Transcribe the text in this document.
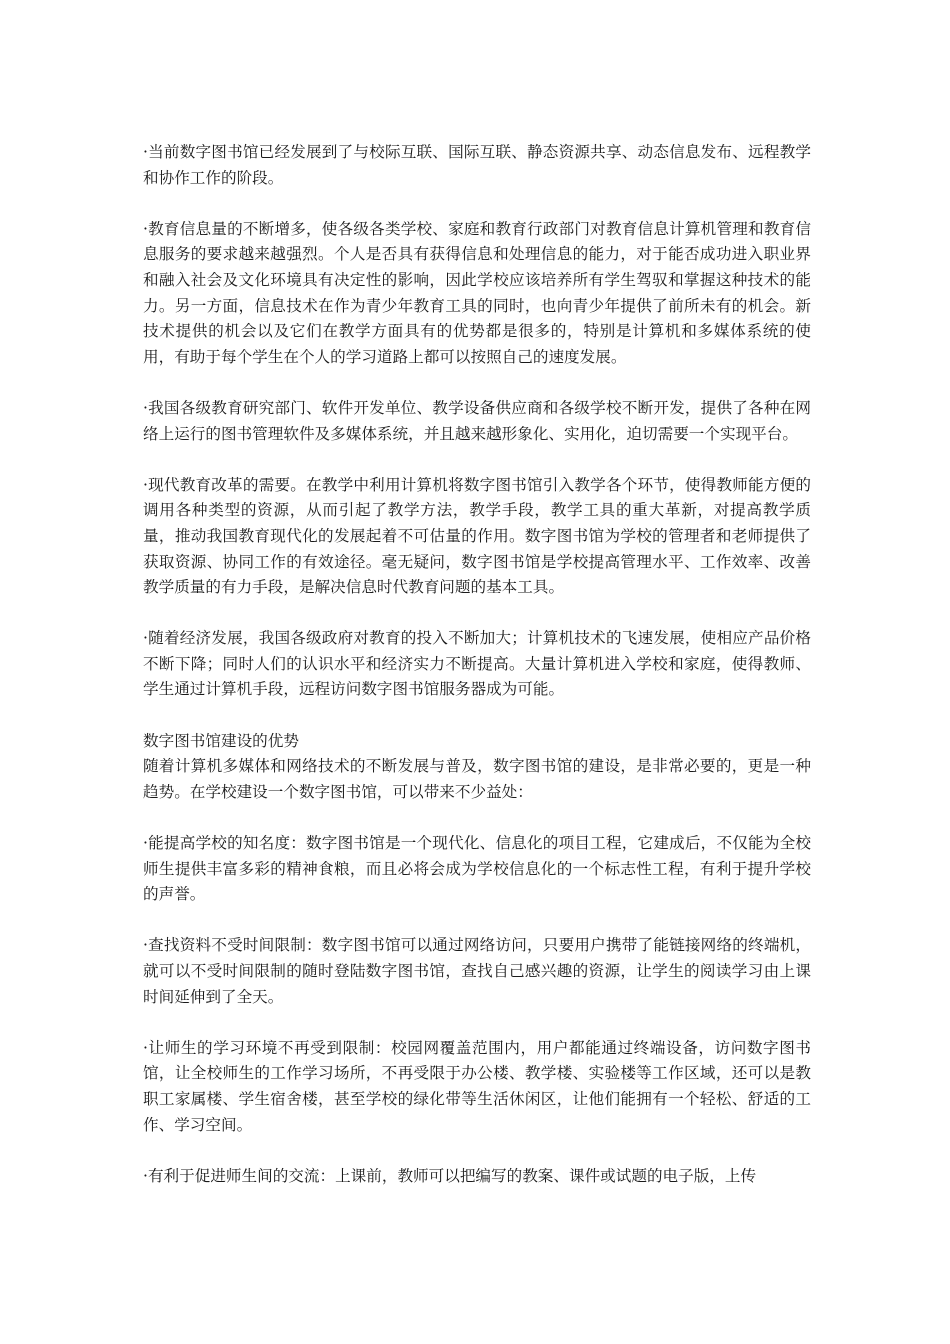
·当前数字图书馆已经发展到了与校际互联、国际互联、静态资源共享、动态信息发布、远程教学和协作工作的阶段。

·教育信息量的不断增多，使各级各类学校、家庭和教育行政部门对教育信息计算机管理和教育信息服务的要求越来越强烈。个人是否具有获得信息和处理信息的能力，对于能否成功进入职业界和融入社会及文化环境具有决定性的影响，因此学校应该培养所有学生驾驭和掌握这种技术的能力。另一方面，信息技术在作为青少年教育工具的同时，也向青少年提供了前所未有的机会。新技术提供的机会以及它们在教学方面具有的优势都是很多的，特别是计算机和多媒体系统的使用，有助于每个学生在个人的学习道路上都可以按照自己的速度发展。

·我国各级教育研究部门、软件开发单位、教学设备供应商和各级学校不断开发，提供了各种在网络上运行的图书管理软件及多媒体系统，并且越来越形象化、实用化，迫切需要一个实现平台。

·现代教育改革的需要。在教学中利用计算机将数字图书馆引入教学各个环节，使得教师能方便的调用各种类型的资源，从而引起了教学方法，教学手段，教学工具的重大革新，对提高教学质量，推动我国教育现代化的发展起着不可估量的作用。数字图书馆为学校的管理者和老师提供了获取资源、协同工作的有效途径。毫无疑问，数字图书馆是学校提高管理水平、工作效率、改善教学质量的有力手段，是解决信息时代教育问题的基本工具。

·随着经济发展，我国各级政府对教育的投入不断加大；计算机技术的飞速发展，使相应产品价格不断下降；同时人们的认识水平和经济实力不断提高。大量计算机进入学校和家庭，使得教师、学生通过计算机手段，远程访问数字图书馆服务器成为可能。

数字图书馆建设的优势

随着计算机多媒体和网络技术的不断发展与普及，数字图书馆的建设，是非常必要的，更是一种趋势。在学校建设一个数字图书馆，可以带来不少益处：

·能提高学校的知名度：数字图书馆是一个现代化、信息化的项目工程，它建成后，不仅能为全校师生提供丰富多彩的精神食粮，而且必将会成为学校信息化的一个标志性工程，有利于提升学校的声誉。

·查找资料不受时间限制：数字图书馆可以通过网络访问，只要用户携带了能链接网络的终端机，就可以不受时间限制的随时登陆数字图书馆，查找自己感兴趣的资源，让学生的阅读学习由上课时间延伸到了全天。

·让师生的学习环境不再受到限制：校园网覆盖范围内，用户都能通过终端设备，访问数字图书馆，让全校师生的工作学习场所，不再受限于办公楼、教学楼、实验楼等工作区域，还可以是教职工家属楼、学生宿舍楼，甚至学校的绿化带等生活休闲区，让他们能拥有一个轻松、舒适的工作、学习空间。

·有利于促进师生间的交流：上课前，教师可以把编写的教案、课件或试题的电子版，上传
